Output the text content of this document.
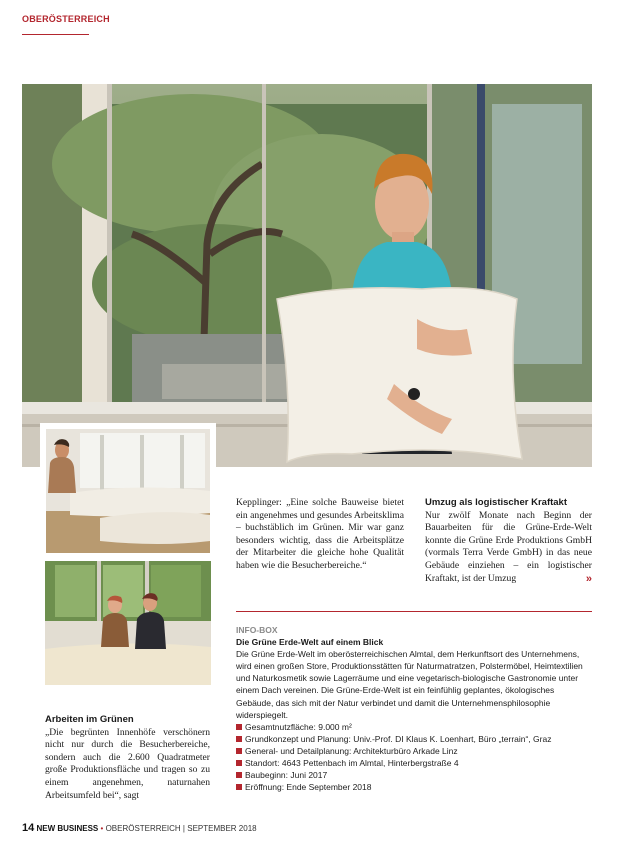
OBERÖSTERREICH

Kepplinger: „Eine solche Bauweise bietet ein angenehmes und gesundes Arbeitsklima – buchstäblich im Grünen. Mir war ganz besonders wichtig, dass die Arbeitsplätze der Mitarbeiter die gleiche hohe Qualität haben wie die Besucherbereiche.“

Umzug als logistischer Kraftakt

Nur zwölf Monate nach Beginn der Bauarbeiten für die Grüne-Erde-Welt konnte die Grüne Erde Produktions GmbH (vormals Terra Verde GmbH) in das neue Gebäude einziehen – ein logistischer Kraftakt, ist der Umzug	»

Arbeiten im Grünen

„Die begrünten Innenhöfe verschönern nicht nur durch die Besucherbereiche, sondern auch die 2.600 Quadratmeter große Produktionsfläche und tragen so zu einem angenehmen, naturnahen Arbeitsumfeld bei“, sagt

INFO-BOX

Die Grüne Erde-Welt auf einem Blick

Die Grüne Erde-Welt im oberösterreichischen Almtal, dem Herkunftsort des Unternehmens, wird einen großen Store, Produktionsstätten für Naturmatratzen, Polstermöbel, Heimtextilien und Naturkosmetik sowie Lagerräume und eine vegetarisch-biologische Gastronomie unter einem Dach vereinen. Die Grüne-Erde-Welt ist ein feinfühlig geplantes, ökologisches Gebäude, das sich mit der Natur verbindet und damit die Unternehmensphilosophie widerspiegelt.

Gesamtnutzfläche: 9.000 m²
Grundkonzept und Planung: Univ.-Prof. DI Klaus K. Loenhart, Büro „terrain“, Graz
General- und Detailplanung: Architekturbüro Arkade Linz
Standort: 4643 Pettenbach im Almtal, Hinterbergstraße 4
Baubeginn: Juni 2017
Eröffnung: Ende September 2018
14 NEW BUSINESS • OBERÖSTERREICH | SEPTEMBER 2018
